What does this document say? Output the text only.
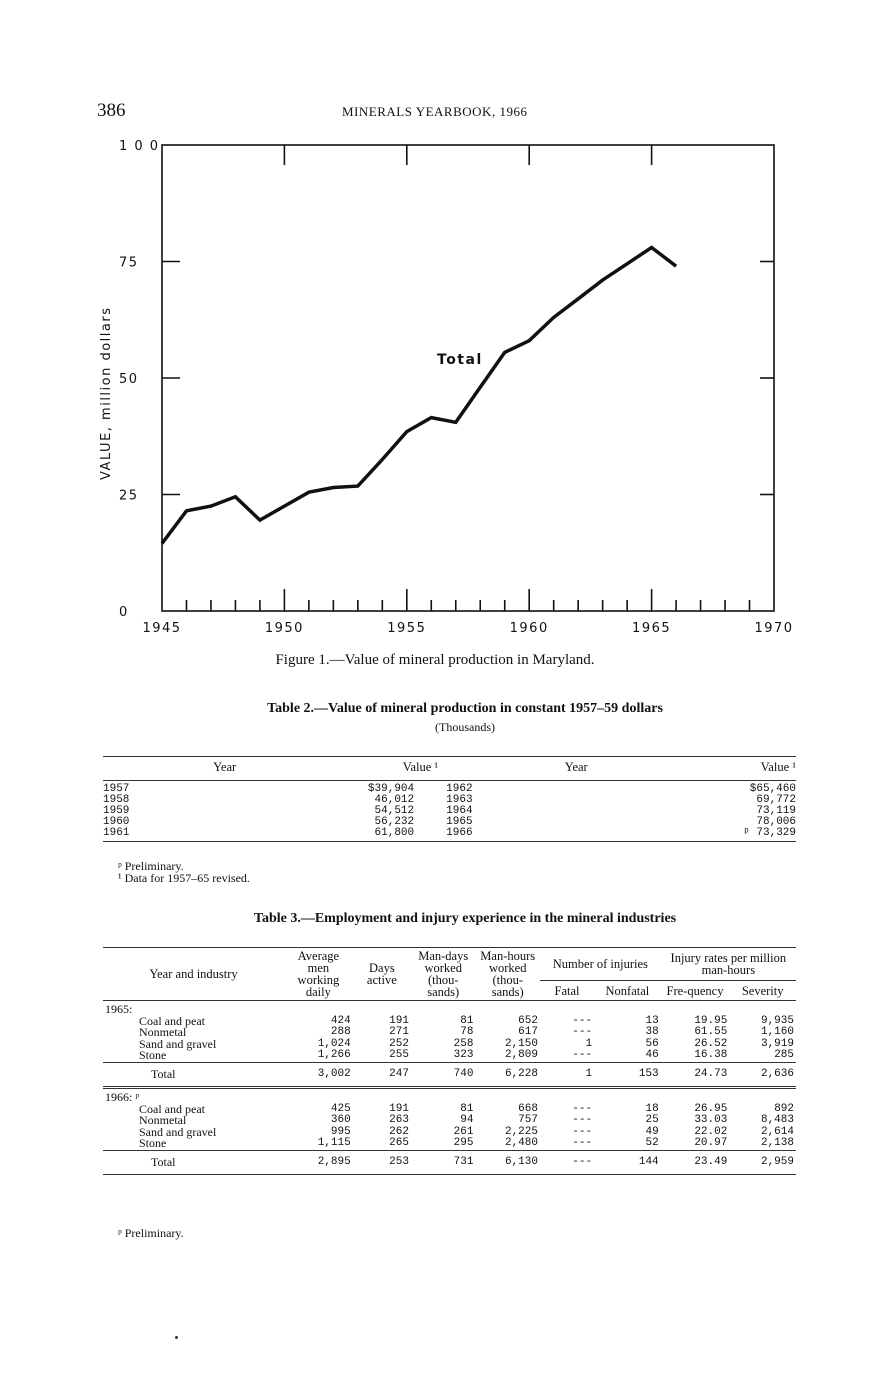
386	MINERALS YEARBOOK, 1966
0
25
50
75
1 0 0
1945	1950	1955	1960	1965	1970
VALUE, million dollars	Total
Figure 1.—Value of mineral production in Maryland.
Table 2.—Value of mineral production in constant 1957–59 dollars
(Thousands)
Year	Value ¹	Year	Value ¹
1957	$39,904	1962	$65,460
1958	46,012	1963	69,772
1959	54,512	1964	73,119
1960	56,232	1965	78,006
1961	61,800	1966	ᵖ 73,329
ᵖ Preliminary.
¹ Data for 1957–65 revised.
Table 3.—Employment and injury experience in the mineral industries
Year and industry	Average men working daily	Days active	Man-days worked (thou-sands)	Man-hours worked (thou-sands)	Number of injuries		Injury rates per million man-hours	
					Fatal	Nonfatal	Fre-quency	Severity
1965:								
Coal and peat	424	191	81	652	---	13	19.95	9,935
Nonmetal	288	271	78	617	---	38	61.55	1,160
Sand and gravel	1,024	252	258	2,150	1	56	26.52	3,919
Stone	1,266	255	323	2,809	---	46	16.38	285
Total	3,002	247	740	6,228	1	153	24.73	2,636
1966: ᵖ								
Coal and peat	425	191	81	668	---	18	26.95	892
Nonmetal	360	263	94	757	---	25	33.03	8,483
Sand and gravel	995	262	261	2,225	---	49	22.02	2,614
Stone	1,115	265	295	2,480	---	52	20.97	2,138
Total	2,895	253	731	6,130	---	144	23.49	2,959
ᵖ Preliminary.
